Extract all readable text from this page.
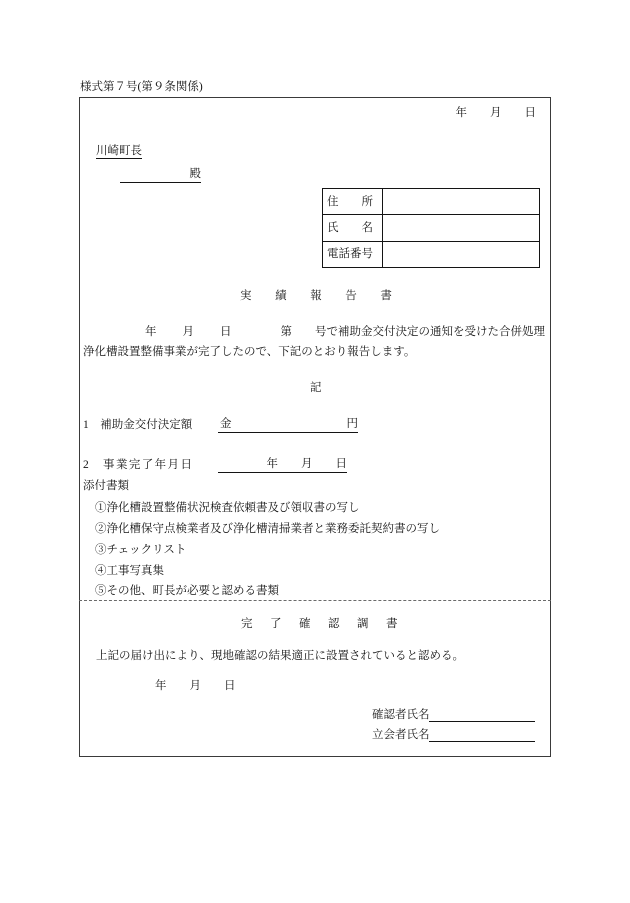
様式第７号(第９条関係)
年　　月　　日
川崎町長
殿
住　　所	
氏　　名	
電話番号	
実績報告書
年　　月　　日	第　　号で補助金交付決定の通知を受けた合併処理
浄化槽設置整備事業が完了したので、下記のとおり報告します。
記
1　補助金交付決定額 金	円
2　事業完了年月日	年　　月　　日
添付書類
①浄化槽設置整備状況検査依頼書及び領収書の写し
②浄化槽保守点検業者及び浄化槽清掃業者と業務委託契約書の写し
③チェックリスト
④工事写真集
⑤その他、町長が必要と認める書類
完了確認調書
上記の届け出により、現地確認の結果適正に設置されていると認める。
年　　月　　日
確認者氏名
立会者氏名
